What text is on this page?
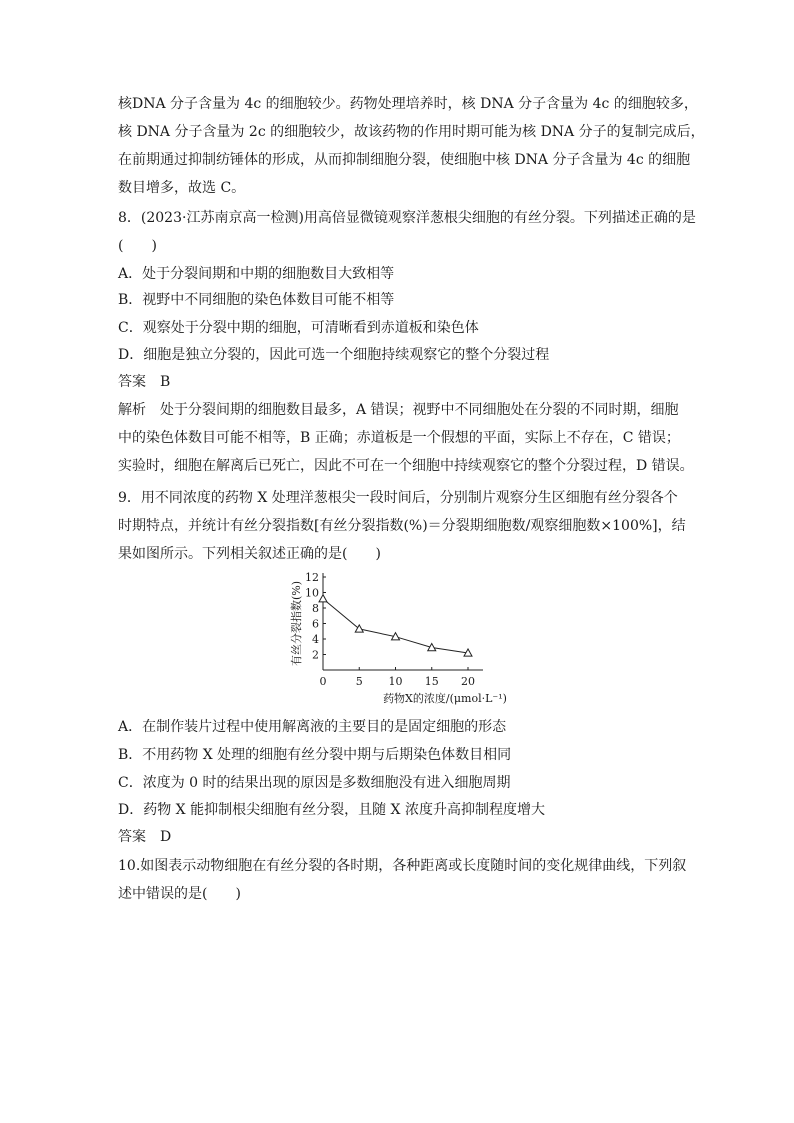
核DNA 分子含量为 4c 的细胞较少。药物处理培养时，核 DNA 分子含量为 4c 的细胞较多，
核 DNA 分子含量为 2c 的细胞较少，故该药物的作用时期可能为核 DNA 分子的复制完成后，
在前期通过抑制纺锤体的形成，从而抑制细胞分裂，使细胞中核 DNA 分子含量为 4c 的细胞
数目增多，故选 C。
8．(2023·江苏南京高一检测)用高倍显微镜观察洋葱根尖细胞的有丝分裂。下列描述正确的是
(　　)
A．处于分裂间期和中期的细胞数目大致相等
B．视野中不同细胞的染色体数目可能不相等
C．观察处于分裂中期的细胞，可清晰看到赤道板和染色体
D．细胞是独立分裂的，因此可选一个细胞持续观察它的整个分裂过程
答案　B
解析　处于分裂间期的细胞数目最多，A 错误；视野中不同细胞处在分裂的不同时期，细胞
中的染色体数目可能不相等，B 正确；赤道板是一个假想的平面，实际上不存在，C 错误；
实验时，细胞在解离后已死亡，因此不可在一个细胞中持续观察它的整个分裂过程，D 错误。
9．用不同浓度的药物 X 处理洋葱根尖一段时间后，分别制片观察分生区细胞有丝分裂各个
时期特点，并统计有丝分裂指数[有丝分裂指数(%)＝分裂期细胞数/观察细胞数×100%]，结
果如图所示。下列相关叙述正确的是(　　)
2
4
6
8
10
12
0	5 10 15 20
药物X的浓度/(μmol·L⁻¹)
有丝分裂指数(%)
A．在制作装片过程中使用解离液的主要目的是固定细胞的形态
B．不用药物 X 处理的细胞有丝分裂中期与后期染色体数目相同
C．浓度为 0 时的结果出现的原因是多数细胞没有进入细胞周期
D．药物 X 能抑制根尖细胞有丝分裂，且随 X 浓度升高抑制程度增大
答案　D
10.如图表示动物细胞在有丝分裂的各时期，各种距离或长度随时间的变化规律曲线，下列叙
述中错误的是(　　)
